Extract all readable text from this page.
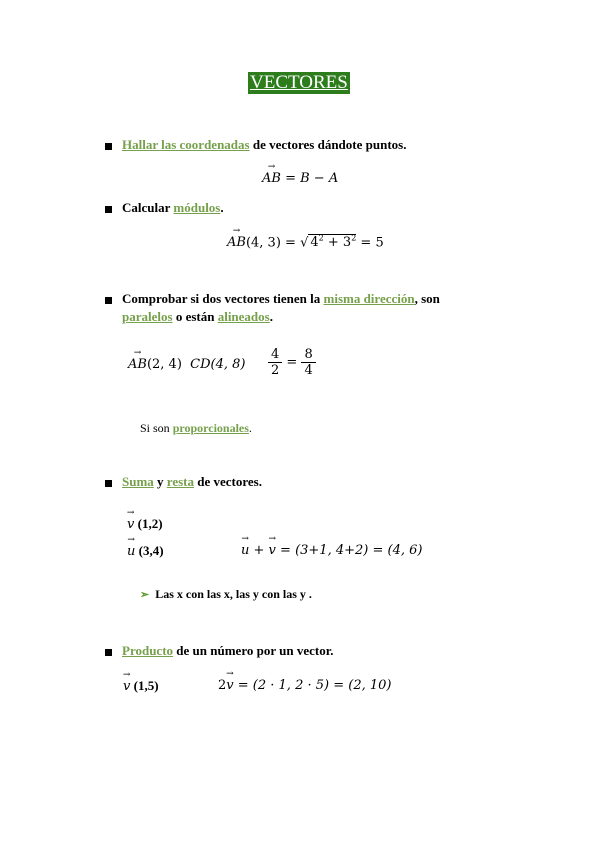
VECTORES
Hallar las coordenadas de vectores dándote puntos.
→ AB = B − A
Calcular módulos.
→ AB(4, 3) = √ $4^2 + 3^2 = 5$
Comprobar si dos vectores tienen la misma dirección, son
paralelos o están alineados.
→ AB(2, 4) CD(4, $8) \frac{4}{2} = \frac{8}{4}$
Si son proporcionales.
Suma y resta de vectores.
→ v (1,2)
→ u (3,4)
→	u + → v = (3+1, 4+2) = (4, 6)
➢ Las x con las x, las y con las y .
Producto de un número por un vector.
→ v (1,5)	2→ v = (2 · 1, 2 · 5) = (2, 10)
